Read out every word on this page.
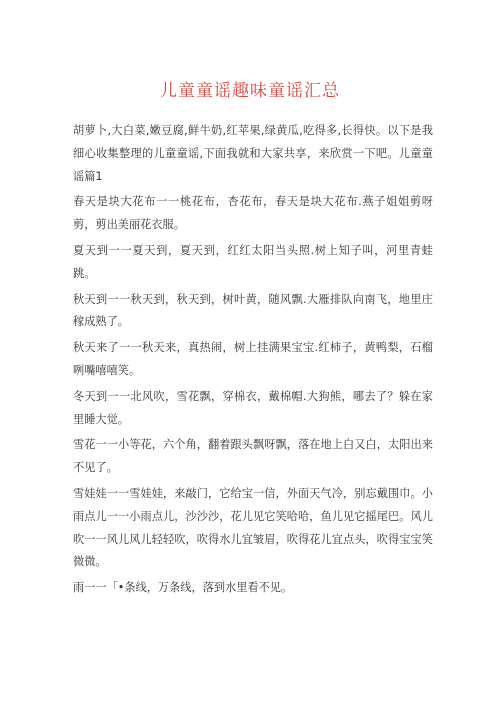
儿童童谣趣味童谣汇总

胡萝卜,大白菜,嫩豆腐,鲜牛奶,红苹果,绿黄瓜,吃得多,长得快。以下是我细心收集整理的儿童童谣,下面我就和大家共享，来欣赏一下吧。儿童童谣篇1

春天是块大花布一一桃花布，杏花布，春天是块大花布.燕子姐姐剪呀剪，剪出美丽花衣服。

夏天到一一夏天到，夏天到，红红太阳当头照.树上知子叫，河里青蛙跳。

秋天到一一秋天到，秋天到，树叶黄，随风飘.大雁排队向南飞，地里庄稼成熟了。

秋天来了一一秋天来，真热闹，树上挂满果宝宝.红柿子，黄鸭梨，石榴咧嘴嘻嘻笑。

冬天到一一北风吹，雪花飘，穿棉衣，戴棉帽.大狗熊，哪去了？躲在家里睡大觉。

雪花一一小等花，六个角，翻着跟头飘呀飘，落在地上白又白，太阳出来不见了。

雪娃娃一一雪娃娃，来敲门，它给宝一信，外面天气冷，别忘戴围巾。小雨点儿一一小雨点儿，沙沙沙，花儿见它笑哈哈，鱼儿见它摇尾巴。风儿吹一一风儿风儿轻轻吹，吹得水儿宜皱眉，吹得花儿宜点头，吹得宝宝笑微微。

雨一一「•条线，万条线，落到水里看不见。
